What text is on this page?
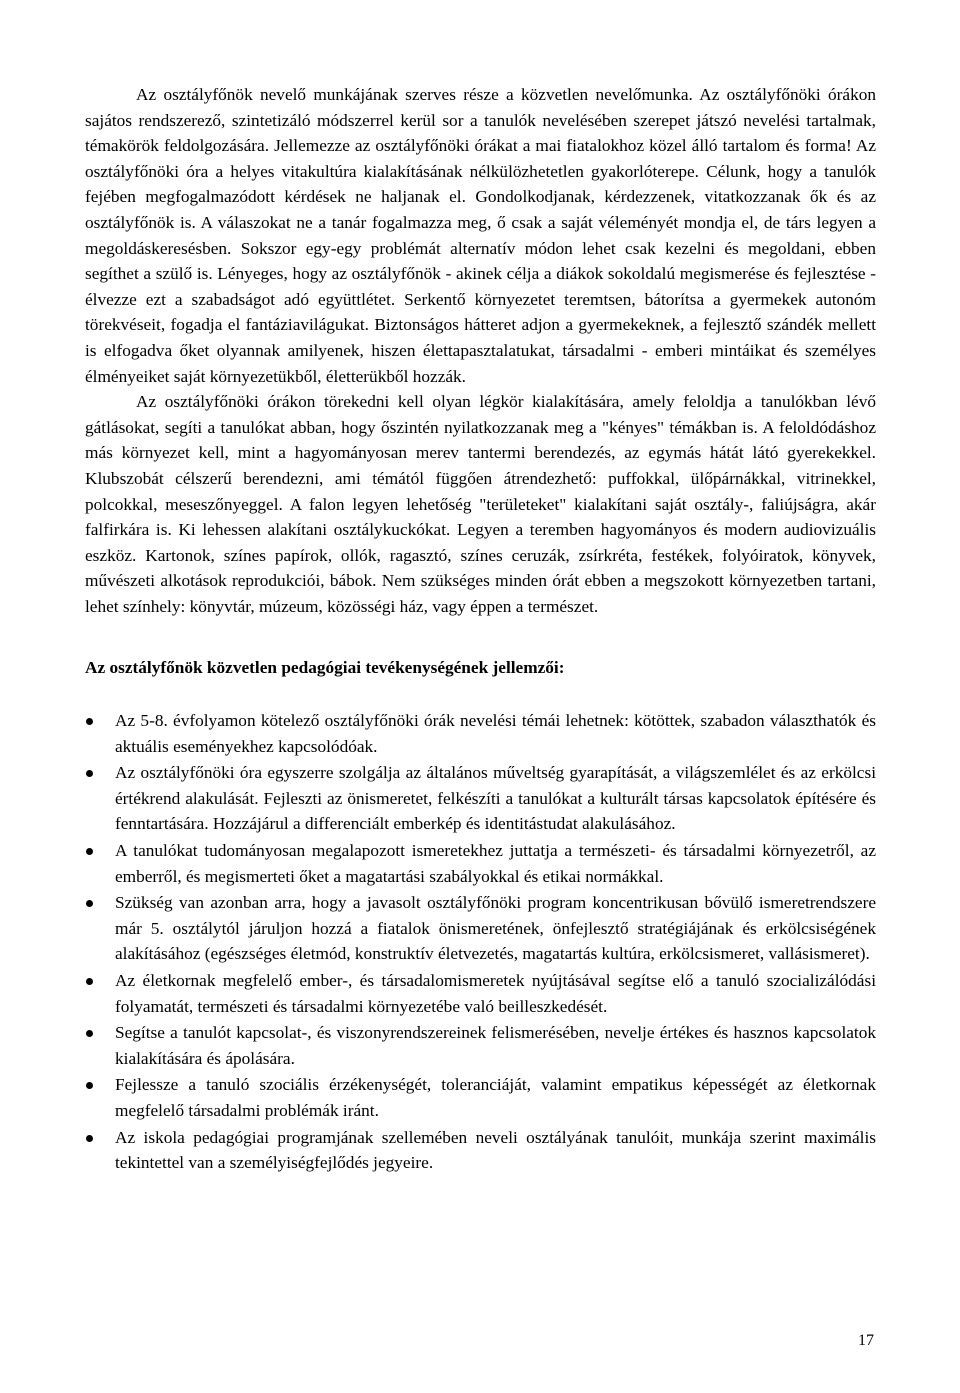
Az osztályfőnök nevelő munkájának szerves része a közvetlen nevelőmunka. Az osztályfőnöki órákon sajátos rendszerező, szintetizáló módszerrel kerül sor a tanulók nevelésében szerepet játszó nevelési tartalmak, témakörök feldolgozására. Jellemezze az osztályfőnöki órákat a mai fiatalokhoz közel álló tartalom és forma! Az osztályfőnöki óra a helyes vitakultúra kialakításának nélkülözhetetlen gyakorlóterepe. Célunk, hogy a tanulók fejében megfogalmazódott kérdések ne haljanak el. Gondolkodjanak, kérdezzenek, vitatkozzanak ők és az osztályfőnök is. A válaszokat ne a tanár fogalmazza meg, ő csak a saját véleményét mondja el, de társ legyen a megoldáskeresésben. Sokszor egy-egy problémát alternatív módon lehet csak kezelni és megoldani, ebben segíthet a szülő is. Lényeges, hogy az osztályfőnök - akinek célja a diákok sokoldalú megismerése és fejlesztése - élvezze ezt a szabadságot adó együttlétet. Serkentő környezetet teremtsen, bátorítsa a gyermekek autonóm törekvéseit, fogadja el fantáziavilágukat. Biztonságos hátteret adjon a gyermekeknek, a fejlesztő szándék mellett is elfogadva őket olyannak amilyenek, hiszen élettapasztalatukat, társadalmi - emberi mintáikat és személyes élményeiket saját környezetükből, életterükből hozzák.

Az osztályfőnöki órákon törekedni kell olyan légkör kialakítására, amely feloldja a tanulókban lévő gátlásokat, segíti a tanulókat abban, hogy őszintén nyilatkozzanak meg a "kényes" témákban is. A feloldódáshoz más környezet kell, mint a hagyományosan merev tantermi berendezés, az egymás hátát látó gyerekekkel. Klubszobát célszerű berendezni, ami témától függően átrendezhető: puffokkal, ülőpárnákkal, vitrinekkel, polcokkal, meseszőnyeggel. A falon legyen lehetőség "területeket" kialakítani saját osztály-, faliújságra, akár falfirkára is. Ki lehessen alakítani osztálykuckókat. Legyen a teremben hagyományos és modern audiovizuális eszköz. Kartonok, színes papírok, ollók, ragasztó, színes ceruzák, zsírkréta, festékek, folyóiratok, könyvek, művészeti alkotások reprodukciói, bábok. Nem szükséges minden órát ebben a megszokott környezetben tartani, lehet színhely: könyvtár, múzeum, közösségi ház, vagy éppen a természet.

Az osztályfőnök közvetlen pedagógiai tevékenységének jellemzői:
Az 5-8. évfolyamon kötelező osztályfőnöki órák nevelési témái lehetnek: kötöttek, szabadon választhatók és aktuális eseményekhez kapcsolódóak.
Az osztályfőnöki óra egyszerre szolgálja az általános műveltség gyarapítását, a világszemlélet és az erkölcsi értékrend alakulását. Fejleszti az önismeretet, felkészíti a tanulókat a kulturált társas kapcsolatok építésére és fenntartására. Hozzájárul a differenciált emberkép és identitástudat alakulásához.
A tanulókat tudományosan megalapozott ismeretekhez juttatja a természeti- és társadalmi környezetről, az emberről, és megismerteti őket a magatartási szabályokkal és etikai normákkal.
Szükség van azonban arra, hogy a javasolt osztályfőnöki program koncentrikusan bővülő ismeretrendszere már 5. osztálytól járuljon hozzá a fiatalok önismeretének, önfejlesztő stratégiájának és erkölcsiségének alakításához (egészséges életmód, konstruktív életvezetés, magatartás kultúra, erkölcsismeret, vallásismeret).
Az életkornak megfelelő ember-, és társadalomismeretek nyújtásával segítse elő a tanuló szocializálódási folyamatát, természeti és társadalmi környezetébe való beilleszkedését.
Segítse a tanulót kapcsolat-, és viszonyrendszereinek felismerésében, nevelje értékes és hasznos kapcsolatok kialakítására és ápolására.
Fejlessze a tanuló szociális érzékenységét, toleranciáját, valamint empatikus képességét az életkornak megfelelő társadalmi problémák iránt.
Az iskola pedagógiai programjának szellemében neveli osztályának tanulóit, munkája szerint maximális tekintettel van a személyiségfejlődés jegyeire.
17
